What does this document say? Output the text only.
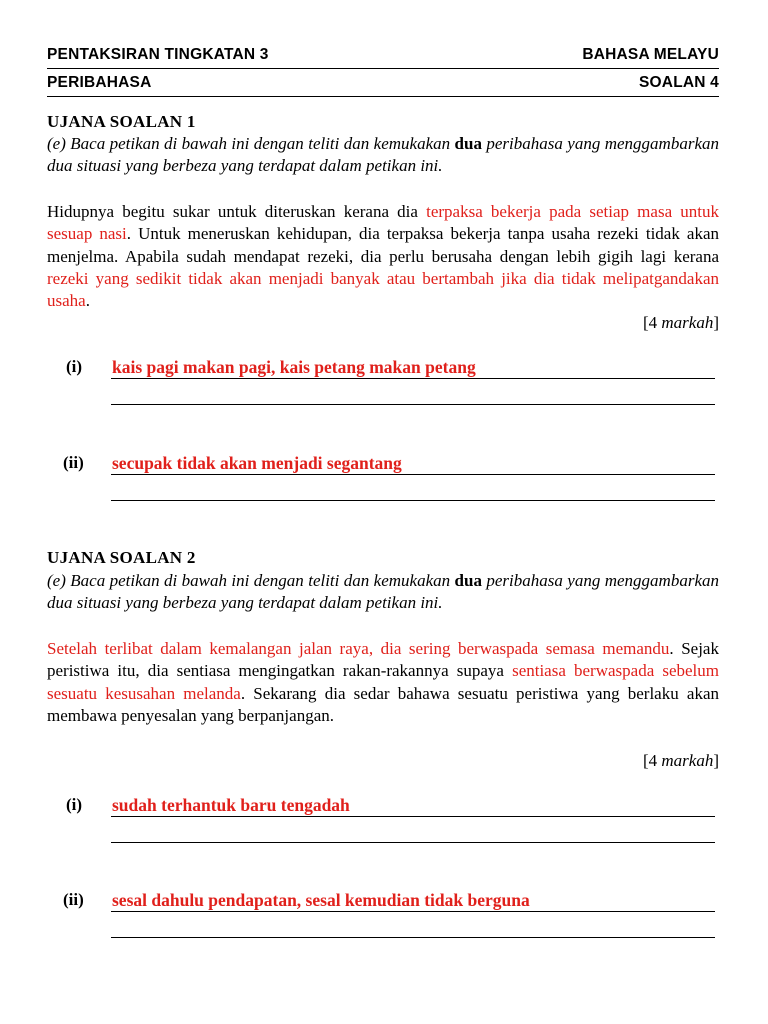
PENTAKSIRAN TINGKATAN 3	BAHASA MELAYU
PERIBAHASA	SOALAN 4
UJANA SOALAN 1
(e) Baca petikan di bawah ini dengan teliti dan kemukakan dua peribahasa yang menggambarkan dua situasi yang berbeza yang terdapat dalam petikan ini.
Hidupnya begitu sukar untuk diteruskan kerana dia terpaksa bekerja pada setiap masa untuk sesuap nasi. Untuk meneruskan kehidupan, dia terpaksa bekerja tanpa usaha rezeki tidak akan menjelma. Apabila sudah mendapat rezeki, dia perlu berusaha dengan lebih gigih lagi kerana rezeki yang sedikit tidak akan menjadi banyak atau bertambah jika dia tidak melipatgandakan usaha.
[4 markah]
(i) kais pagi makan pagi, kais petang makan petang
(ii) secupak tidak akan menjadi segantang
UJANA SOALAN 2
(e) Baca petikan di bawah ini dengan teliti dan kemukakan dua peribahasa yang menggambarkan dua situasi yang berbeza yang terdapat dalam petikan ini.
Setelah terlibat dalam kemalangan jalan raya, dia sering berwaspada semasa memandu. Sejak peristiwa itu, dia sentiasa mengingatkan rakan-rakannya supaya sentiasa berwaspada sebelum sesuatu kesusahan melanda. Sekarang dia sedar bahawa sesuatu peristiwa yang berlaku akan membawa penyesalan yang berpanjangan.
[4 markah]
(i) sudah terhantuk baru tengadah
(ii) sesal dahulu pendapatan, sesal kemudian tidak berguna
